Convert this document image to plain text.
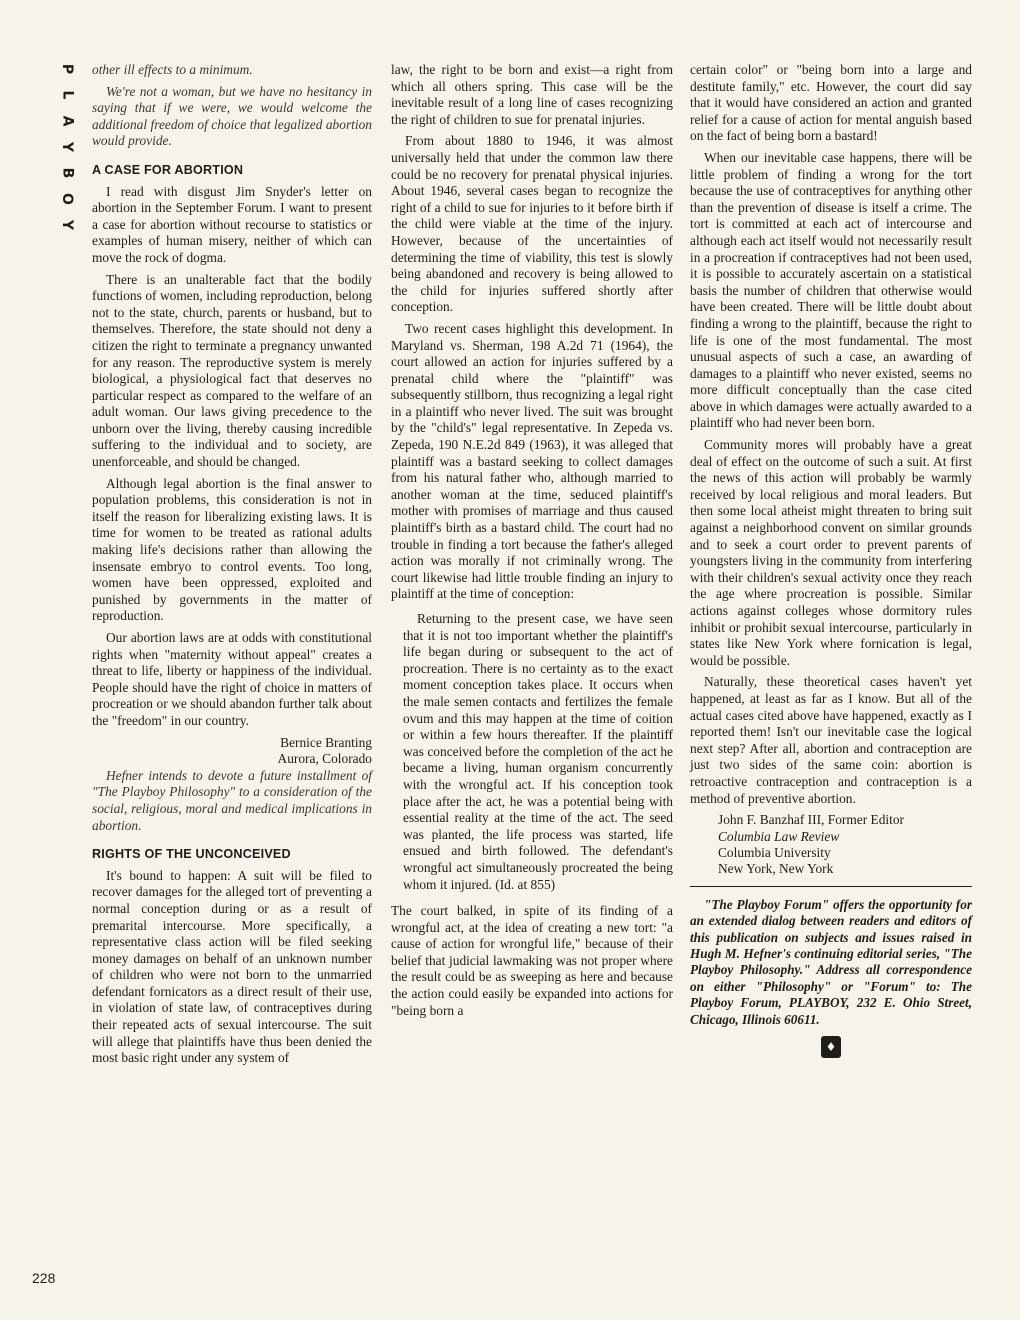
P
L
A
Y
B
O
Y
228

other ill effects to a minimum.

We're not a woman, but we have no hesitancy in saying that if we were, we would welcome the additional freedom of choice that legalized abortion would provide.

A CASE FOR ABORTION

I read with disgust Jim Snyder's letter on abortion in the September Forum. I want to present a case for abortion without recourse to statistics or examples of human misery, neither of which can move the rock of dogma.

There is an unalterable fact that the bodily functions of women, including reproduction, belong not to the state, church, parents or husband, but to themselves. Therefore, the state should not deny a citizen the right to terminate a pregnancy unwanted for any reason. The reproductive system is merely biological, a physiological fact that deserves no particular respect as compared to the welfare of an adult woman. Our laws giving precedence to the unborn over the living, thereby causing incredible suffering to the individual and to society, are unenforceable, and should be changed.

Although legal abortion is the final answer to population problems, this consideration is not in itself the reason for liberalizing existing laws. It is time for women to be treated as rational adults making life's decisions rather than allowing the insensate embryo to control events. Too long, women have been oppressed, exploited and punished by governments in the matter of reproduction.

Our abortion laws are at odds with constitutional rights when "maternity without appeal" creates a threat to life, liberty or happiness of the individual. People should have the right of choice in matters of procreation or we should abandon further talk about the "freedom" in our country.

Bernice Branting

Aurora, Colorado

Hefner intends to devote a future installment of "The Playboy Philosophy" to a consideration of the social, religious, moral and medical implications in abortion.

RIGHTS OF THE UNCONCEIVED

It's bound to happen: A suit will be filed to recover damages for the alleged tort of preventing a normal conception during or as a result of premarital intercourse. More specifically, a representative class action will be filed seeking money damages on behalf of an unknown number of children who were not born to the unmarried defendant fornicators as a direct result of their use, in violation of state law, of contraceptives during their repeated acts of sexual intercourse. The suit will allege that plaintiffs have thus been denied the most basic right under any system of

law, the right to be born and exist—a right from which all others spring. This case will be the inevitable result of a long line of cases recognizing the right of children to sue for prenatal injuries.

From about 1880 to 1946, it was almost universally held that under the common law there could be no recovery for prenatal physical injuries. About 1946, several cases began to recognize the right of a child to sue for injuries to it before birth if the child were viable at the time of the injury. However, because of the uncertainties of determining the time of viability, this test is slowly being abandoned and recovery is being allowed to the child for injuries suffered shortly after conception.

Two recent cases highlight this development. In Maryland vs. Sherman, 198 A.2d 71 (1964), the court allowed an action for injuries suffered by a prenatal child where the "plaintiff" was subsequently stillborn, thus recognizing a legal right in a plaintiff who never lived. The suit was brought by the "child's" legal representative. In Zepeda vs. Zepeda, 190 N.E.2d 849 (1963), it was alleged that plaintiff was a bastard seeking to collect damages from his natural father who, although married to another woman at the time, seduced plaintiff's mother with promises of marriage and thus caused plaintiff's birth as a bastard child. The court had no trouble in finding a tort because the father's alleged action was morally if not criminally wrong. The court likewise had little trouble finding an injury to plaintiff at the time of conception:

Returning to the present case, we have seen that it is not too important whether the plaintiff's life began during or subsequent to the act of procreation. There is no certainty as to the exact moment conception takes place. It occurs when the male semen contacts and fertilizes the female ovum and this may happen at the time of coition or within a few hours thereafter. If the plaintiff was conceived before the completion of the act he became a living, human organism concurrently with the wrongful act. If his conception took place after the act, he was a potential being with essential reality at the time of the act. The seed was planted, the life process was started, life ensued and birth followed. The defendant's wrongful act simultaneously procreated the being whom it injured. (Id. at 855)

The court balked, in spite of its finding of a wrongful act, at the idea of creating a new tort: "a cause of action for wrongful life," because of their belief that judicial lawmaking was not proper where the result could be as sweeping as here and because the action could easily be expanded into actions for "being born a

certain color" or "being born into a large and destitute family," etc. However, the court did say that it would have considered an action and granted relief for a cause of action for mental anguish based on the fact of being born a bastard!

When our inevitable case happens, there will be little problem of finding a wrong for the tort because the use of contraceptives for anything other than the prevention of disease is itself a crime. The tort is committed at each act of intercourse and although each act itself would not necessarily result in a procreation if contraceptives had not been used, it is possible to accurately ascertain on a statistical basis the number of children that otherwise would have been created. There will be little doubt about finding a wrong to the plaintiff, because the right to life is one of the most fundamental. The most unusual aspects of such a case, an awarding of damages to a plaintiff who never existed, seems no more difficult conceptually than the case cited above in which damages were actually awarded to a plaintiff who had never been born.

Community mores will probably have a great deal of effect on the outcome of such a suit. At first the news of this action will probably be warmly received by local religious and moral leaders. But then some local atheist might threaten to bring suit against a neighborhood convent on similar grounds and to seek a court order to prevent parents of youngsters living in the community from interfering with their children's sexual activity once they reach the age where procreation is possible. Similar actions against colleges whose dormitory rules inhibit or prohibit sexual intercourse, particularly in states like New York where fornication is legal, would be possible.

Naturally, these theoretical cases haven't yet happened, at least as far as I know. But all of the actual cases cited above have happened, exactly as I reported them! Isn't our inevitable case the logical next step? After all, abortion and contraception are just two sides of the same coin: abortion is retroactive contraception and contraception is a method of preventive abortion.

John F. Banzhaf III, Former Editor
Columbia Law Review
Columbia University
New York, New York

"The Playboy Forum" offers the opportunity for an extended dialog between readers and editors of this publication on subjects and issues raised in Hugh M. Hefner's continuing editorial series, "The Playboy Philosophy." Address all correspondence on either "Philosophy" or "Forum" to: The Playboy Forum, PLAYBOY, 232 E. Ohio Street, Chicago, Illinois 60611.

♦
